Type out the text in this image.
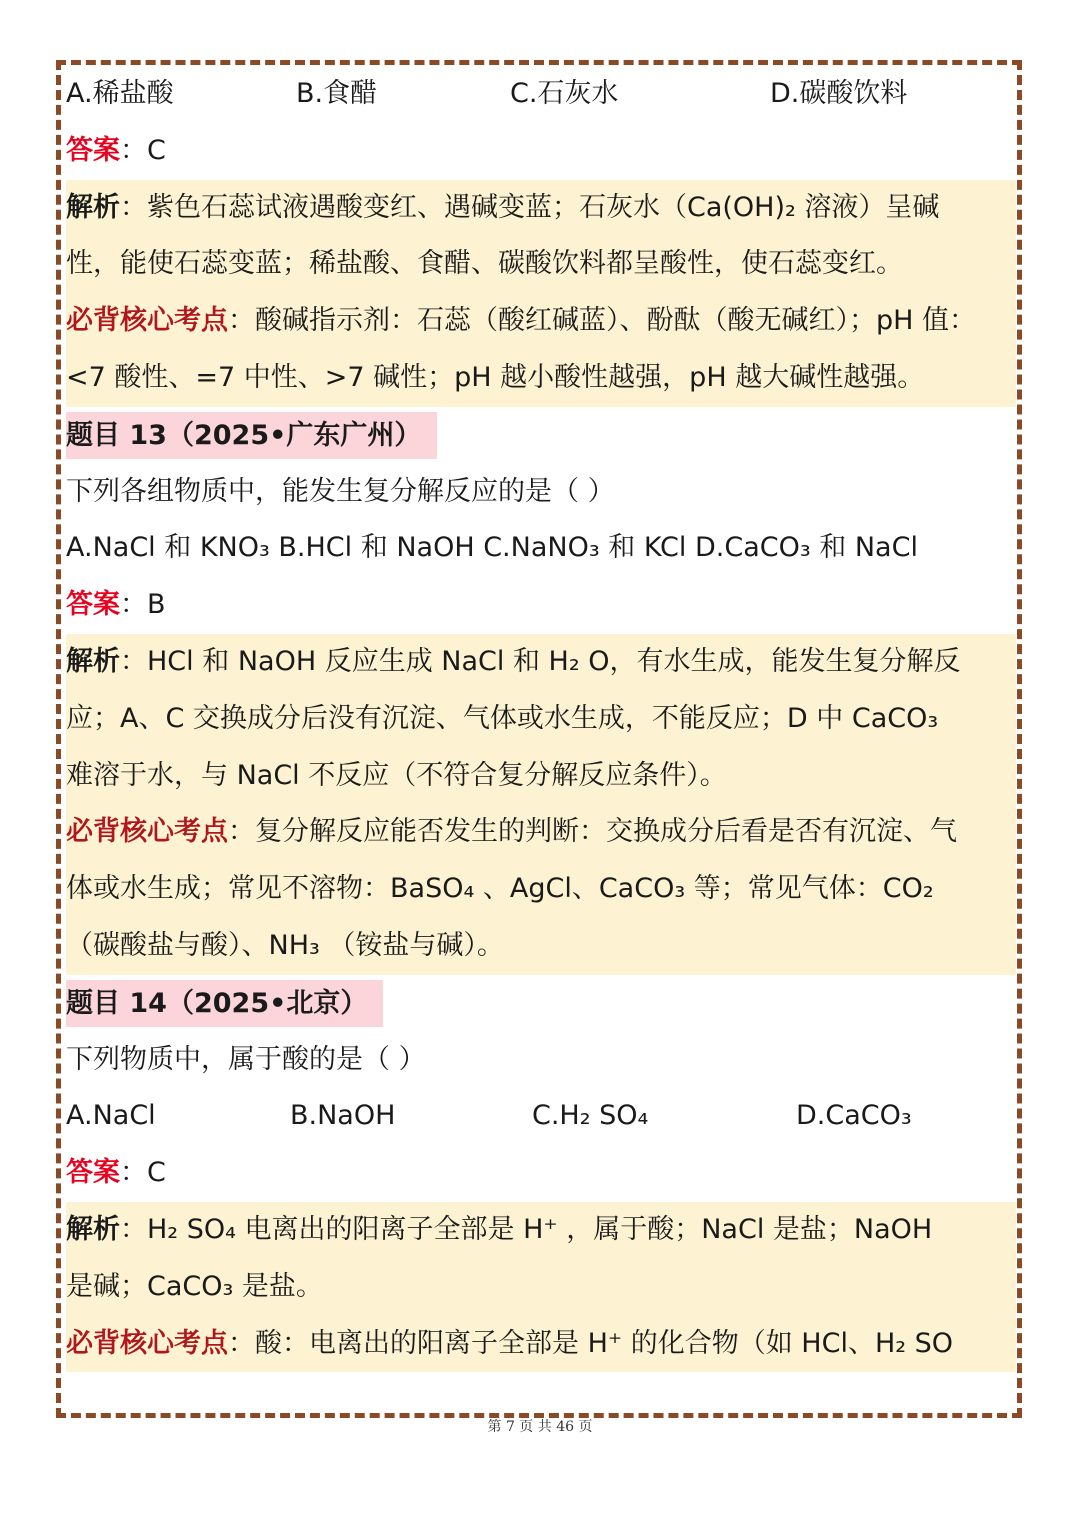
A.稀盐酸	B.食醋	C.石灰水	D.碳酸饮料
答案：C
解析：紫色石蕊试液遇酸变红、遇碱变蓝；石灰水（Ca(OH)₂ 溶液）呈碱
性，能使石蕊变蓝；稀盐酸、食醋、碳酸饮料都呈酸性，使石蕊变红。
必背核心考点：酸碱指示剂：石蕊（酸红碱蓝）、酚酞（酸无碱红）；pH 值：
<7 酸性、=7 中性、>7 碱性；pH 越小酸性越强，pH 越大碱性越强。
题目 13（2025•广东广州）
下列各组物质中，能发生复分解反应的是（ ）
A.NaCl 和 KNO₃ B.HCl 和 NaOH C.NaNO₃ 和 KCl D.CaCO₃ 和 NaCl
答案：B
解析：HCl 和 NaOH 反应生成 NaCl 和 H₂ O，有水生成，能发生复分解反
应；A、C 交换成分后没有沉淀、气体或水生成，不能反应；D 中 CaCO₃
难溶于水，与 NaCl 不反应（不符合复分解反应条件）。
必背核心考点：复分解反应能否发生的判断：交换成分后看是否有沉淀、气
体或水生成；常见不溶物：BaSO₄ 、AgCl、CaCO₃ 等；常见气体：CO₂
（碳酸盐与酸）、NH₃ （铵盐与碱）。
题目 14（2025•北京）
下列物质中，属于酸的是（ ）
A.NaCl	B.NaOH	C.H₂ SO₄	D.CaCO₃
答案：C
解析：H₂ SO₄ 电离出的阳离子全部是 H⁺ ，属于酸；NaCl 是盐；NaOH
是碱；CaCO₃ 是盐。
必背核心考点：酸：电离出的阳离子全部是 H⁺ 的化合物（如 HCl、H₂ SO
第 7 页 共 46 页
